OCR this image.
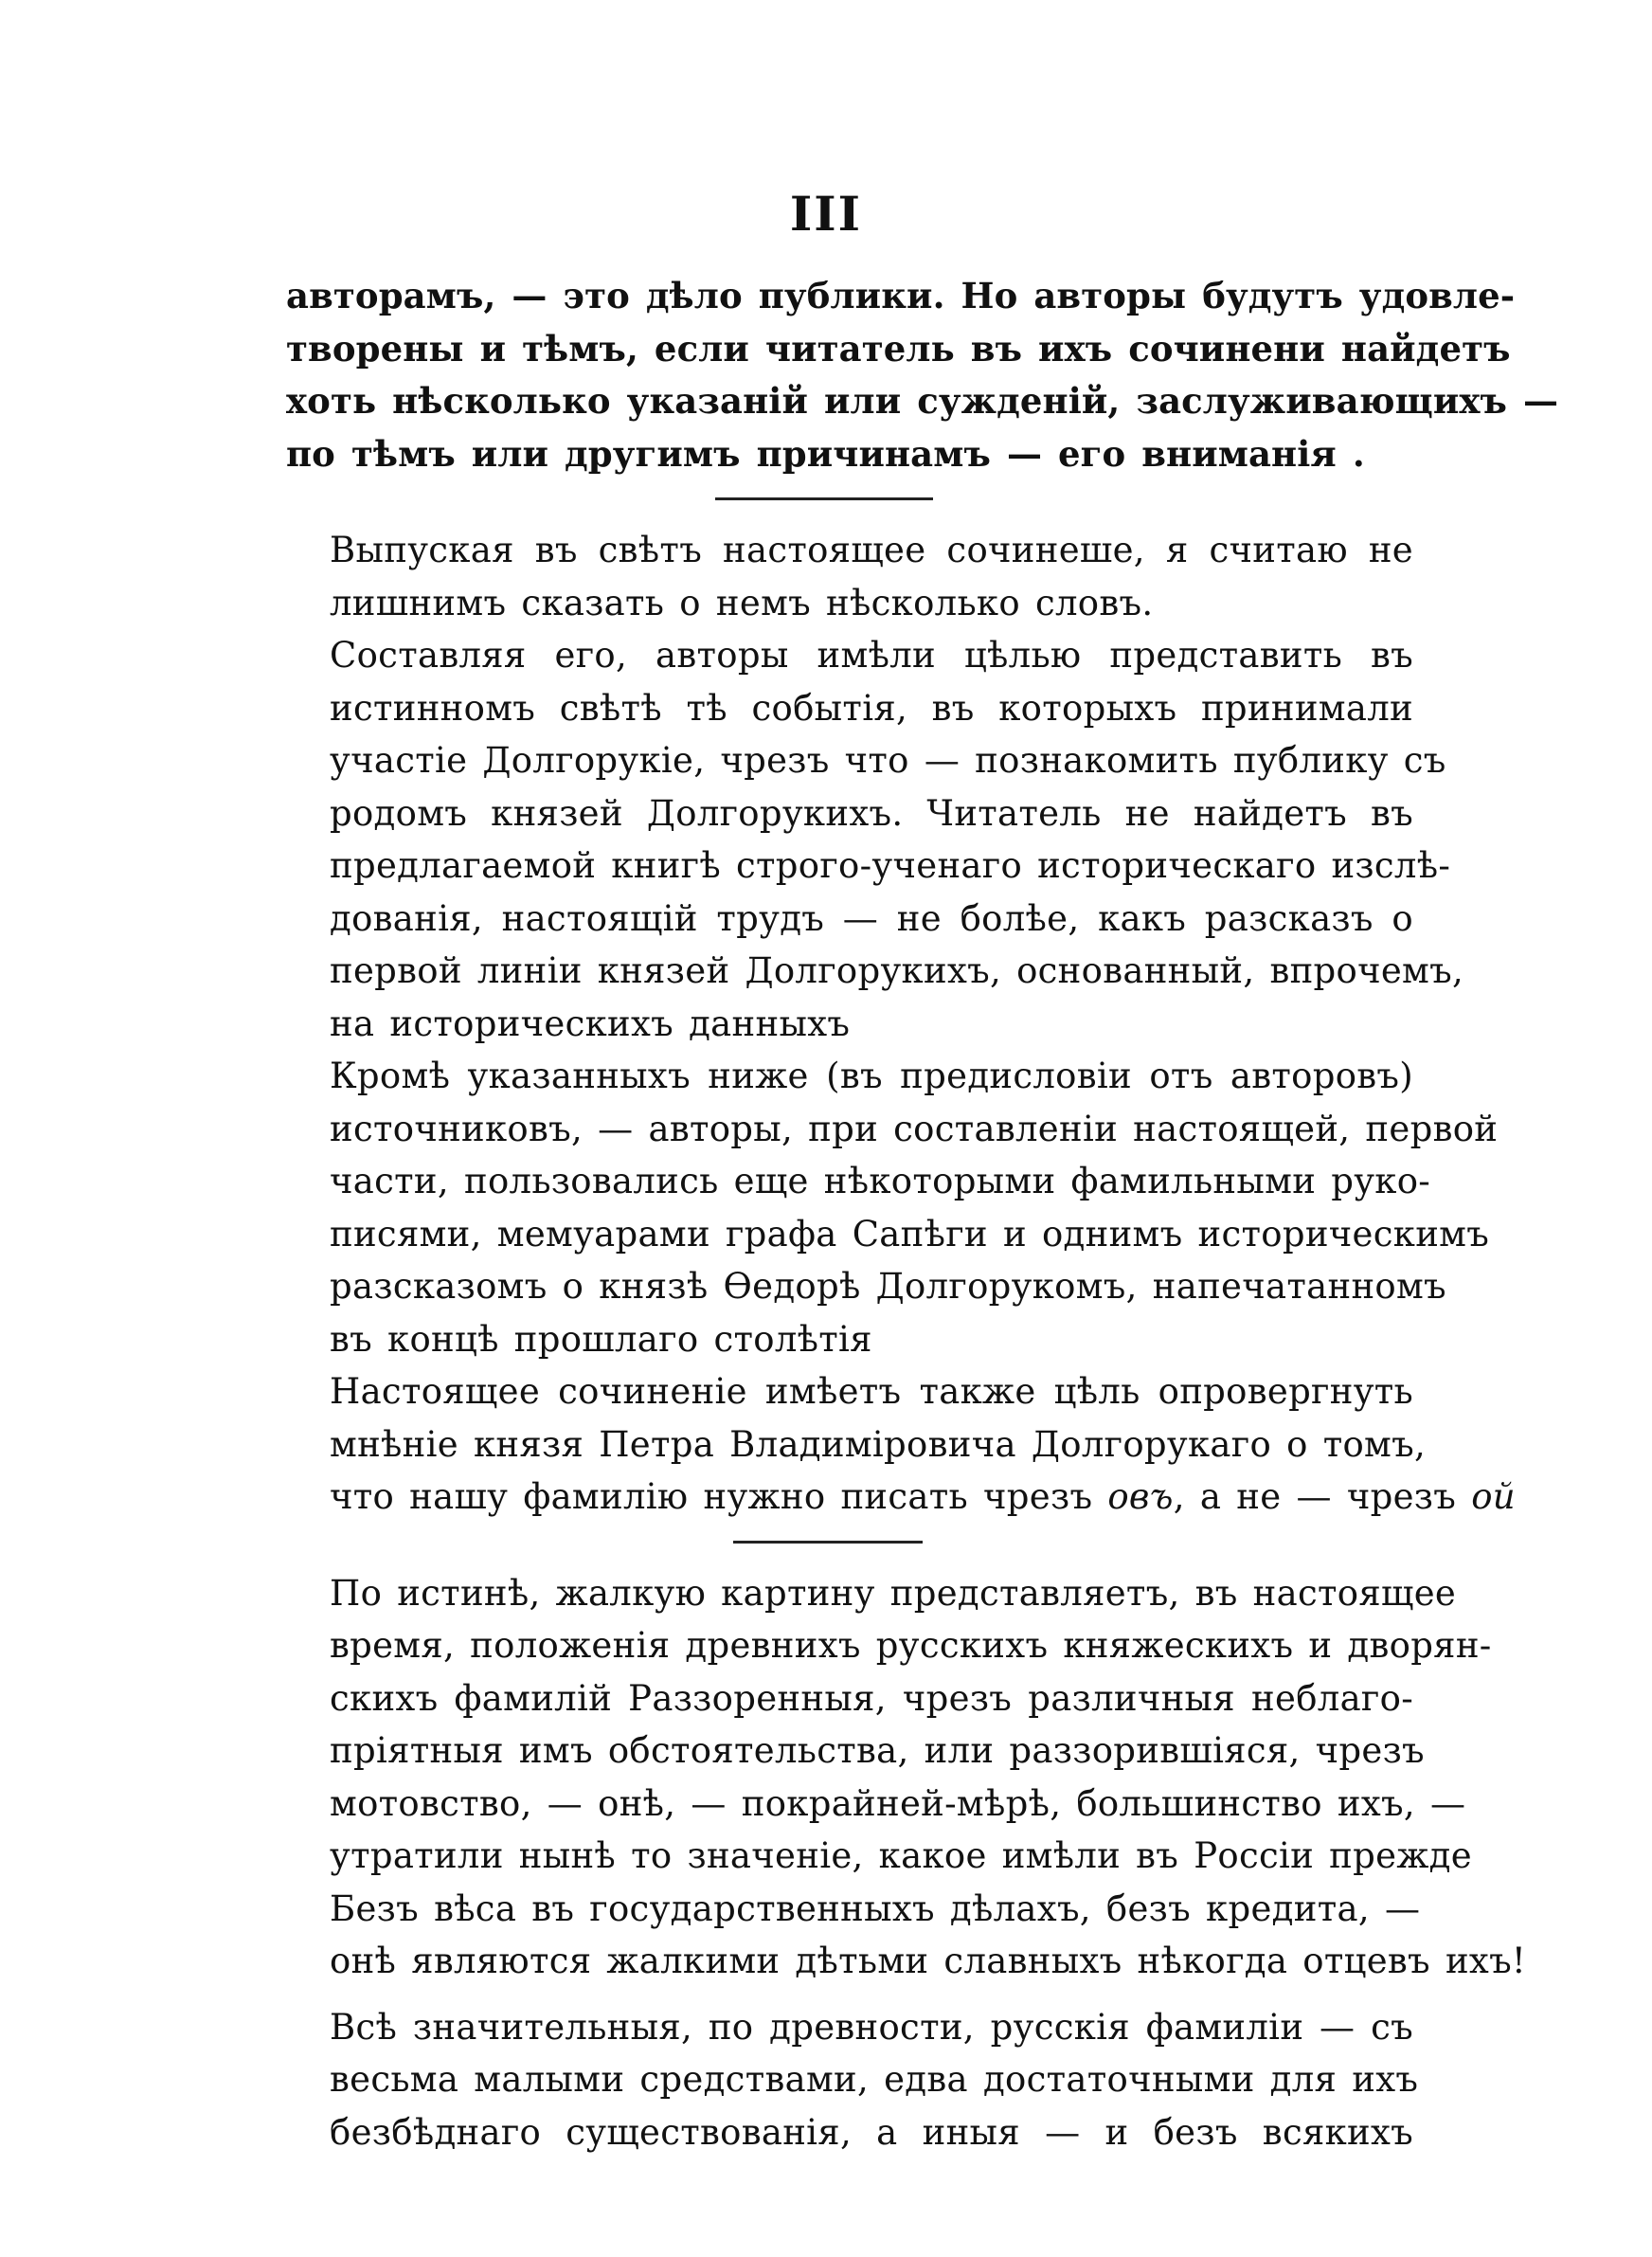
III

авторамъ, — это дѣло публики. Но авторы будутъ удовле-
творены и тѣмъ, если читатель въ ихъ сочинени найдетъ
хоть нѣсколько указаній или сужденій, заслуживающихъ —
по тѣмъ или другимъ причинамъ — его вниманія .

Выпуская въ свѣтъ настоящее сочинеше, я считаю не
лишнимъ сказать о немъ нѣсколько словъ.

Составляя его, авторы имѣли цѣлью представить въ
истинномъ свѣтѣ тѣ событія, въ которыхъ принимали
участіе Долгорукіе, чрезъ что — познакомить публику съ
родомъ князей Долгорукихъ. Читатель не найдетъ въ
предлагаемой книгѣ строго-ученаго историческаго изслѣ-
дованія, настоящій трудъ — не болѣе, какъ разсказъ о
первой линіи князей Долгорукихъ, основанный, впрочемъ,
на историческихъ данныхъ

Кромѣ указанныхъ ниже (въ предисловіи отъ авторовъ)
источниковъ, — авторы, при составленіи настоящей, первой
части, пользовались еще нѣкоторыми фамильными руко-
писями, мемуарами графа Сапѣги и однимъ историческимъ
разсказомъ о князѣ Ѳедорѣ Долгорукомъ, напечатанномъ
въ концѣ прошлаго столѣтія

Настоящее сочиненіе имѣетъ также цѣль опровергнуть
мнѣніе князя Петра Владиміровича Долгорукаго о томъ,
что нашу фамилію нужно писать чрезъ овъ, а не — чрезъ ой

По истинѣ, жалкую картину представляетъ, въ настоящее
время, положенія древнихъ русскихъ княжескихъ и дворян-
скихъ фамилій Раззоренныя, чрезъ различныя неблаго-
пріятныя имъ обстоятельства, или раззорившіяся, чрезъ
мотовство, — онѣ, — покрайней-мѣрѣ, большинство ихъ, —
утратили нынѣ то значеніе, какое имѣли въ Россіи прежде
Безъ вѣса въ государственныхъ дѣлахъ, безъ кредита, —
онѣ являются жалкими дѣтьми славныхъ нѣкогда отцевъ ихъ!

Всѣ значительныя, по древности, русскія фамиліи — съ
весьма малыми средствами, едва достаточными для ихъ
безбѣднаго существованія, а иныя — и безъ всякихъ
